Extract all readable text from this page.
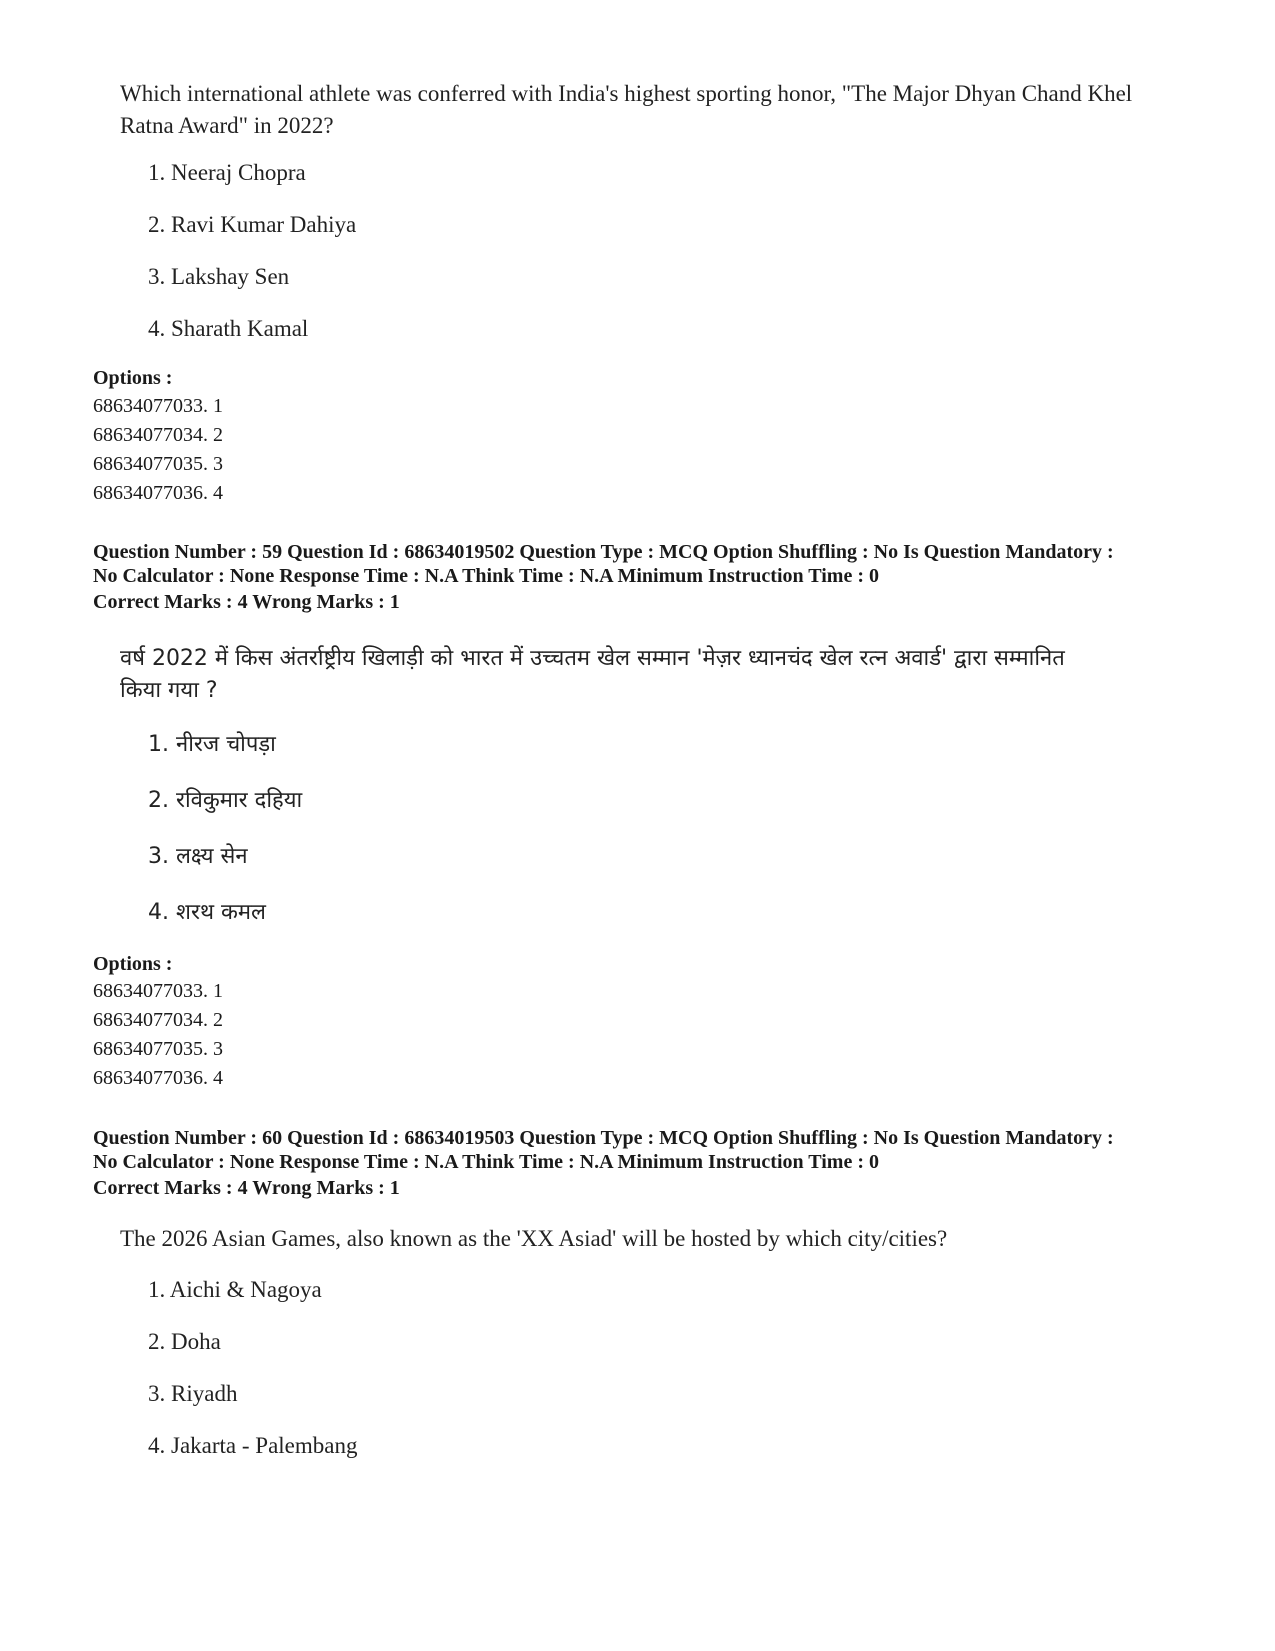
Which international athlete was conferred with India's highest sporting honor, "The Major Dhyan Chand Khel
Ratna Award" in 2022?
1. Neeraj Chopra
2. Ravi Kumar Dahiya
3. Lakshay Sen
4. Sharath Kamal
Options :
68634077033. 1
68634077034. 2
68634077035. 3
68634077036. 4
Question Number : 59 Question Id : 68634019502 Question Type : MCQ Option Shuffling : No Is Question Mandatory :
No Calculator : None Response Time : N.A Think Time : N.A Minimum Instruction Time : 0
Correct Marks : 4 Wrong Marks : 1
वर्ष 2022 में किस अंतर्राष्ट्रीय खिलाड़ी को भारत में उच्चतम खेल सम्मान 'मेज़र ध्यानचंद खेल रत्न अवार्ड' द्वारा सम्मानित
किया गया ?
1. नीरज चोपड़ा
2. रविकुमार दहिया
3. लक्ष्य सेन
4. शरथ कमल
Options :
68634077033. 1
68634077034. 2
68634077035. 3
68634077036. 4
Question Number : 60 Question Id : 68634019503 Question Type : MCQ Option Shuffling : No Is Question Mandatory :
No Calculator : None Response Time : N.A Think Time : N.A Minimum Instruction Time : 0
Correct Marks : 4 Wrong Marks : 1
The 2026 Asian Games, also known as the 'XX Asiad' will be hosted by which city/cities?
1. Aichi & Nagoya
2. Doha
3. Riyadh
4. Jakarta - Palembang
